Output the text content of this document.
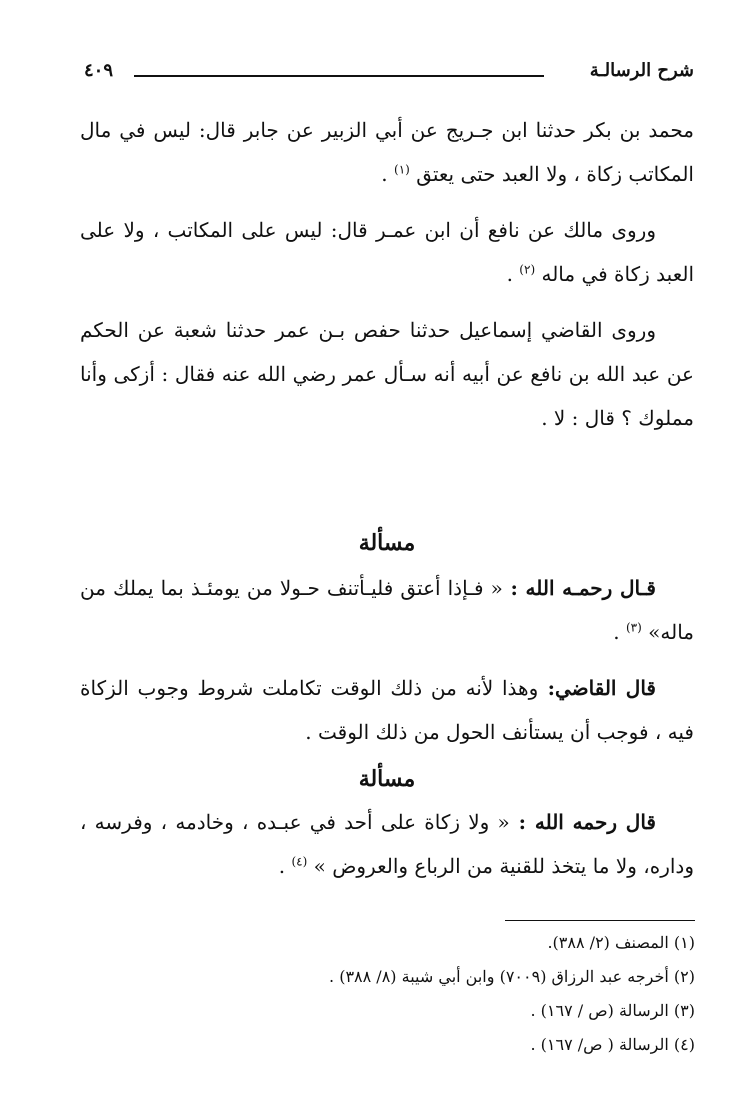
شرح الرسالـة
٤٠٩

محمد بن بكر حدثنا ابن جـريج عن أبي الزبير عن جابر قال: ليس في مال المكاتب زكاة ، ولا العبد حتى يعتق $^{(١)}$ .

وروى مالك عن نافع أن ابن عمـر قال: ليس على المكاتب ، ولا على العبد زكاة في ماله $^{(٢)}$ .

وروى القاضي إسماعيل حدثنا حفص بـن عمر حدثنا شعبة عن الحكم عن عبد الله بن نافع عن أبيه أنه سـأل عمر رضي الله عنه فقال : أزكى وأنا مملوك ؟ قال : لا .

مسألة

قـال رحمـه الله : « فـإذا أعتق فليـأتنف حـولا من يومئـذ بما يملك من ماله» $^{(٣)}$ .

قال القاضي: وهذا لأنه من ذلك الوقت تكاملت شروط وجوب الزكاة فيه ، فوجب أن يستأنف الحول من ذلك الوقت .

مسألة

قال رحمه الله : « ولا زكاة على أحد في عبـده ، وخادمه ، وفرسه ، وداره، ولا ما يتخذ للقنية من الرباع والعروض » $^{(٤)}$ .

(١) المصنف (٢/ ٣٨٨).
(٢) أخرجه عبد الرزاق (٧٠٠٩) وابن أبي شيبة (٨/ ٣٨٨) .
(٣) الرسالة (ص / ١٦٧) .
(٤) الرسالة ( ص/ ١٦٧) .
